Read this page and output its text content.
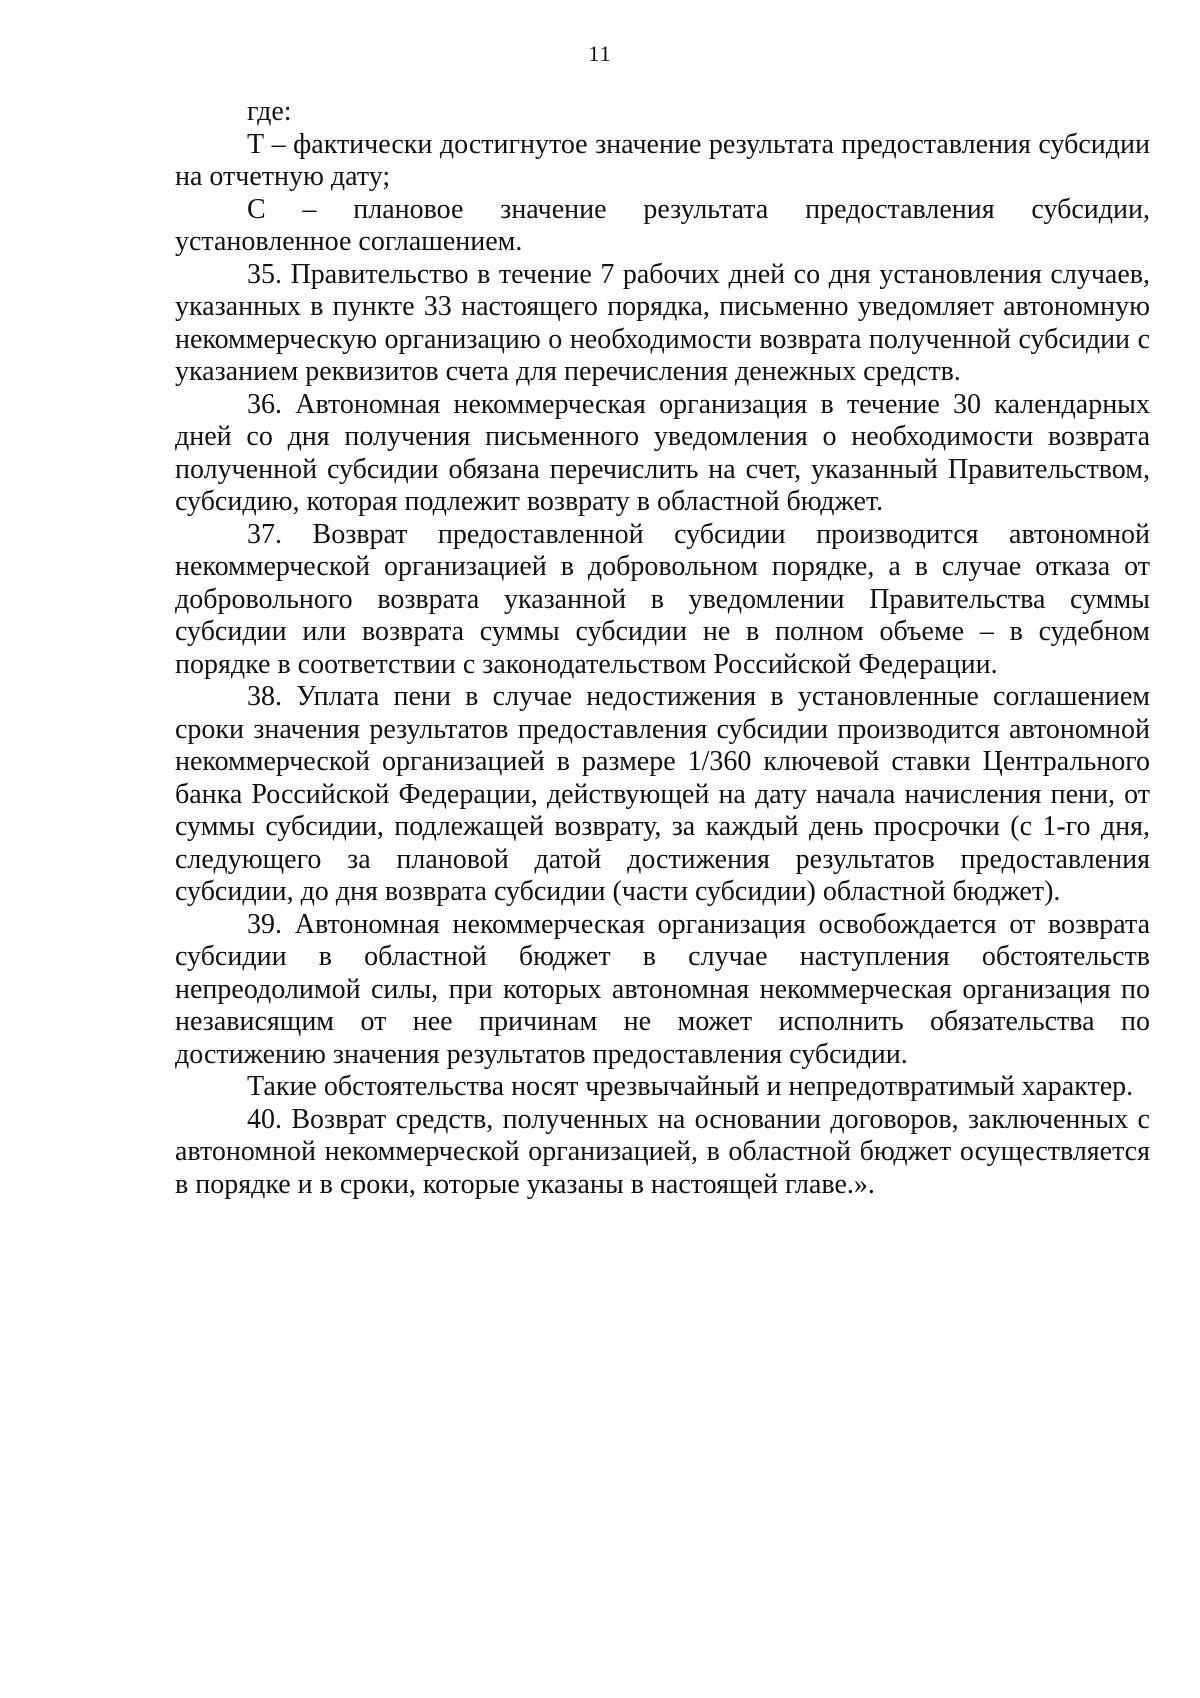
11

где:

Т – фактически достигнутое значение результата предоставления субсидии на отчетную дату;

С – плановое значение результата предоставления субсидии, установленное соглашением.

35. Правительство в течение 7 рабочих дней со дня установления случаев, указанных в пункте 33 настоящего порядка, письменно уведомляет автономную некоммерческую организацию о необходимости возврата полученной субсидии с указанием реквизитов счета для перечисления денежных средств.

36. Автономная некоммерческая организация в течение 30 календарных дней со дня получения письменного уведомления о необходимости возврата полученной субсидии обязана перечислить на счет, указанный Правительством, субсидию, которая подлежит возврату в областной бюджет.

37. Возврат предоставленной субсидии производится автономной некоммерческой организацией в добровольном порядке, а в случае отказа от добровольного возврата указанной в уведомлении Правительства суммы субсидии или возврата суммы субсидии не в полном объеме – в судебном порядке в соответствии с законодательством Российской Федерации.

38. Уплата пени в случае недостижения в установленные соглашением сроки значения результатов предоставления субсидии производится автономной некоммерческой организацией в размере 1/360 ключевой ставки Центрального банка Российской Федерации, действующей на дату начала начисления пени, от суммы субсидии, подлежащей возврату, за каждый день просрочки (с 1-го дня, следующего за плановой датой достижения результатов предоставления субсидии, до дня возврата субсидии (части субсидии) областной бюджет).

39. Автономная некоммерческая организация освобождается от возврата субсидии в областной бюджет в случае наступления обстоятельств непреодолимой силы, при которых автономная некоммерческая организация по независящим от нее причинам не может исполнить обязательства по достижению значения результатов предоставления субсидии.

Такие обстоятельства носят чрезвычайный и непредотвратимый характер.

40. Возврат средств, полученных на основании договоров, заключенных с автономной некоммерческой организацией, в областной бюджет осуществляется в порядке и в сроки, которые указаны в настоящей главе.».
